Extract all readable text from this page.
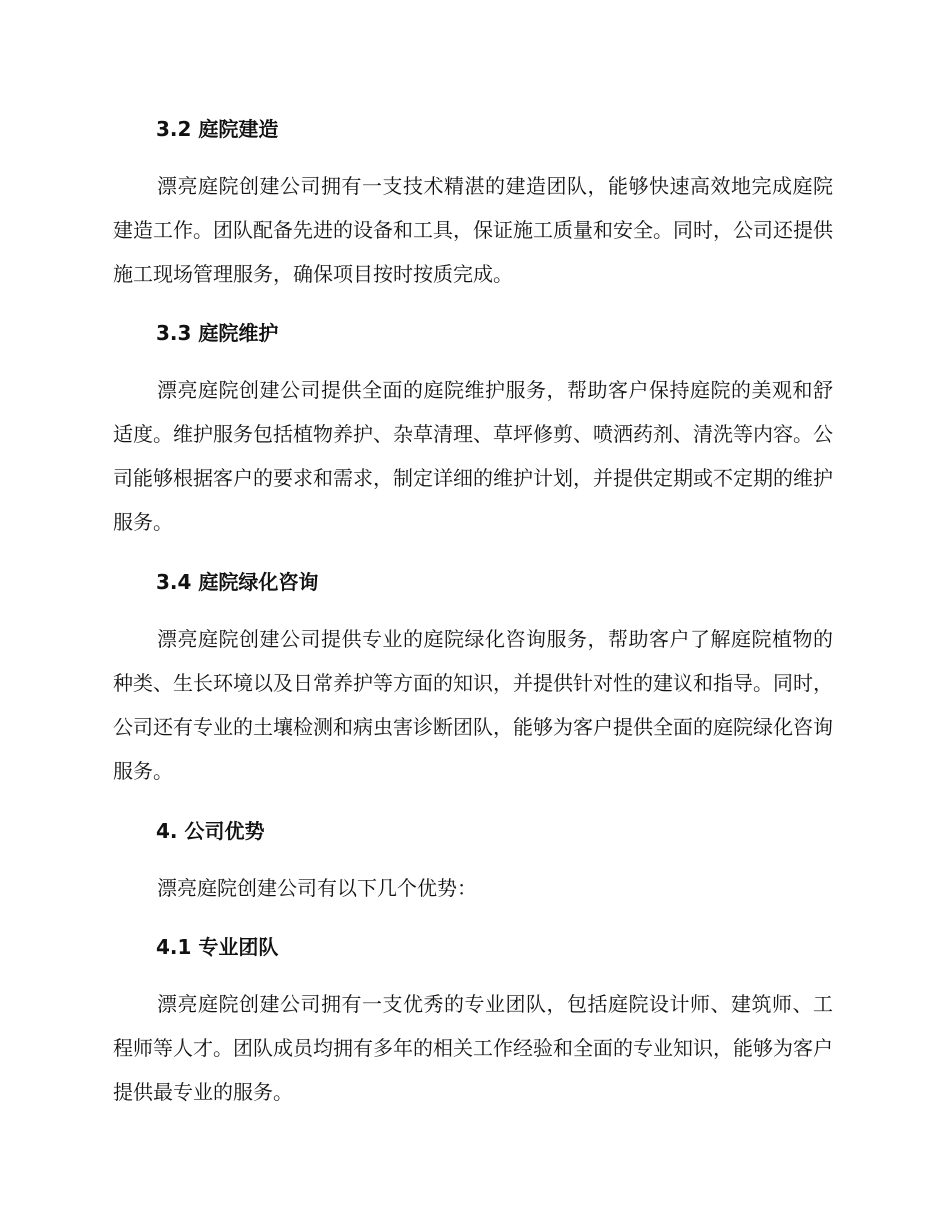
3.2 庭院建造

漂亮庭院创建公司拥有一支技术精湛的建造团队，能够快速高效地完成庭院建造工作。团队配备先进的设备和工具，保证施工质量和安全。同时，公司还提供施工现场管理服务，确保项目按时按质完成。

3.3 庭院维护

漂亮庭院创建公司提供全面的庭院维护服务，帮助客户保持庭院的美观和舒适度。维护服务包括植物养护、杂草清理、草坪修剪、喷洒药剂、清洗等内容。公司能够根据客户的要求和需求，制定详细的维护计划，并提供定期或不定期的维护服务。

3.4 庭院绿化咨询

漂亮庭院创建公司提供专业的庭院绿化咨询服务，帮助客户了解庭院植物的种类、生长环境以及日常养护等方面的知识，并提供针对性的建议和指导。同时，公司还有专业的土壤检测和病虫害诊断团队，能够为客户提供全面的庭院绿化咨询服务。

4. 公司优势

漂亮庭院创建公司有以下几个优势：

4.1 专业团队

漂亮庭院创建公司拥有一支优秀的专业团队，包括庭院设计师、建筑师、工程师等人才。团队成员均拥有多年的相关工作经验和全面的专业知识，能够为客户提供最专业的服务。
